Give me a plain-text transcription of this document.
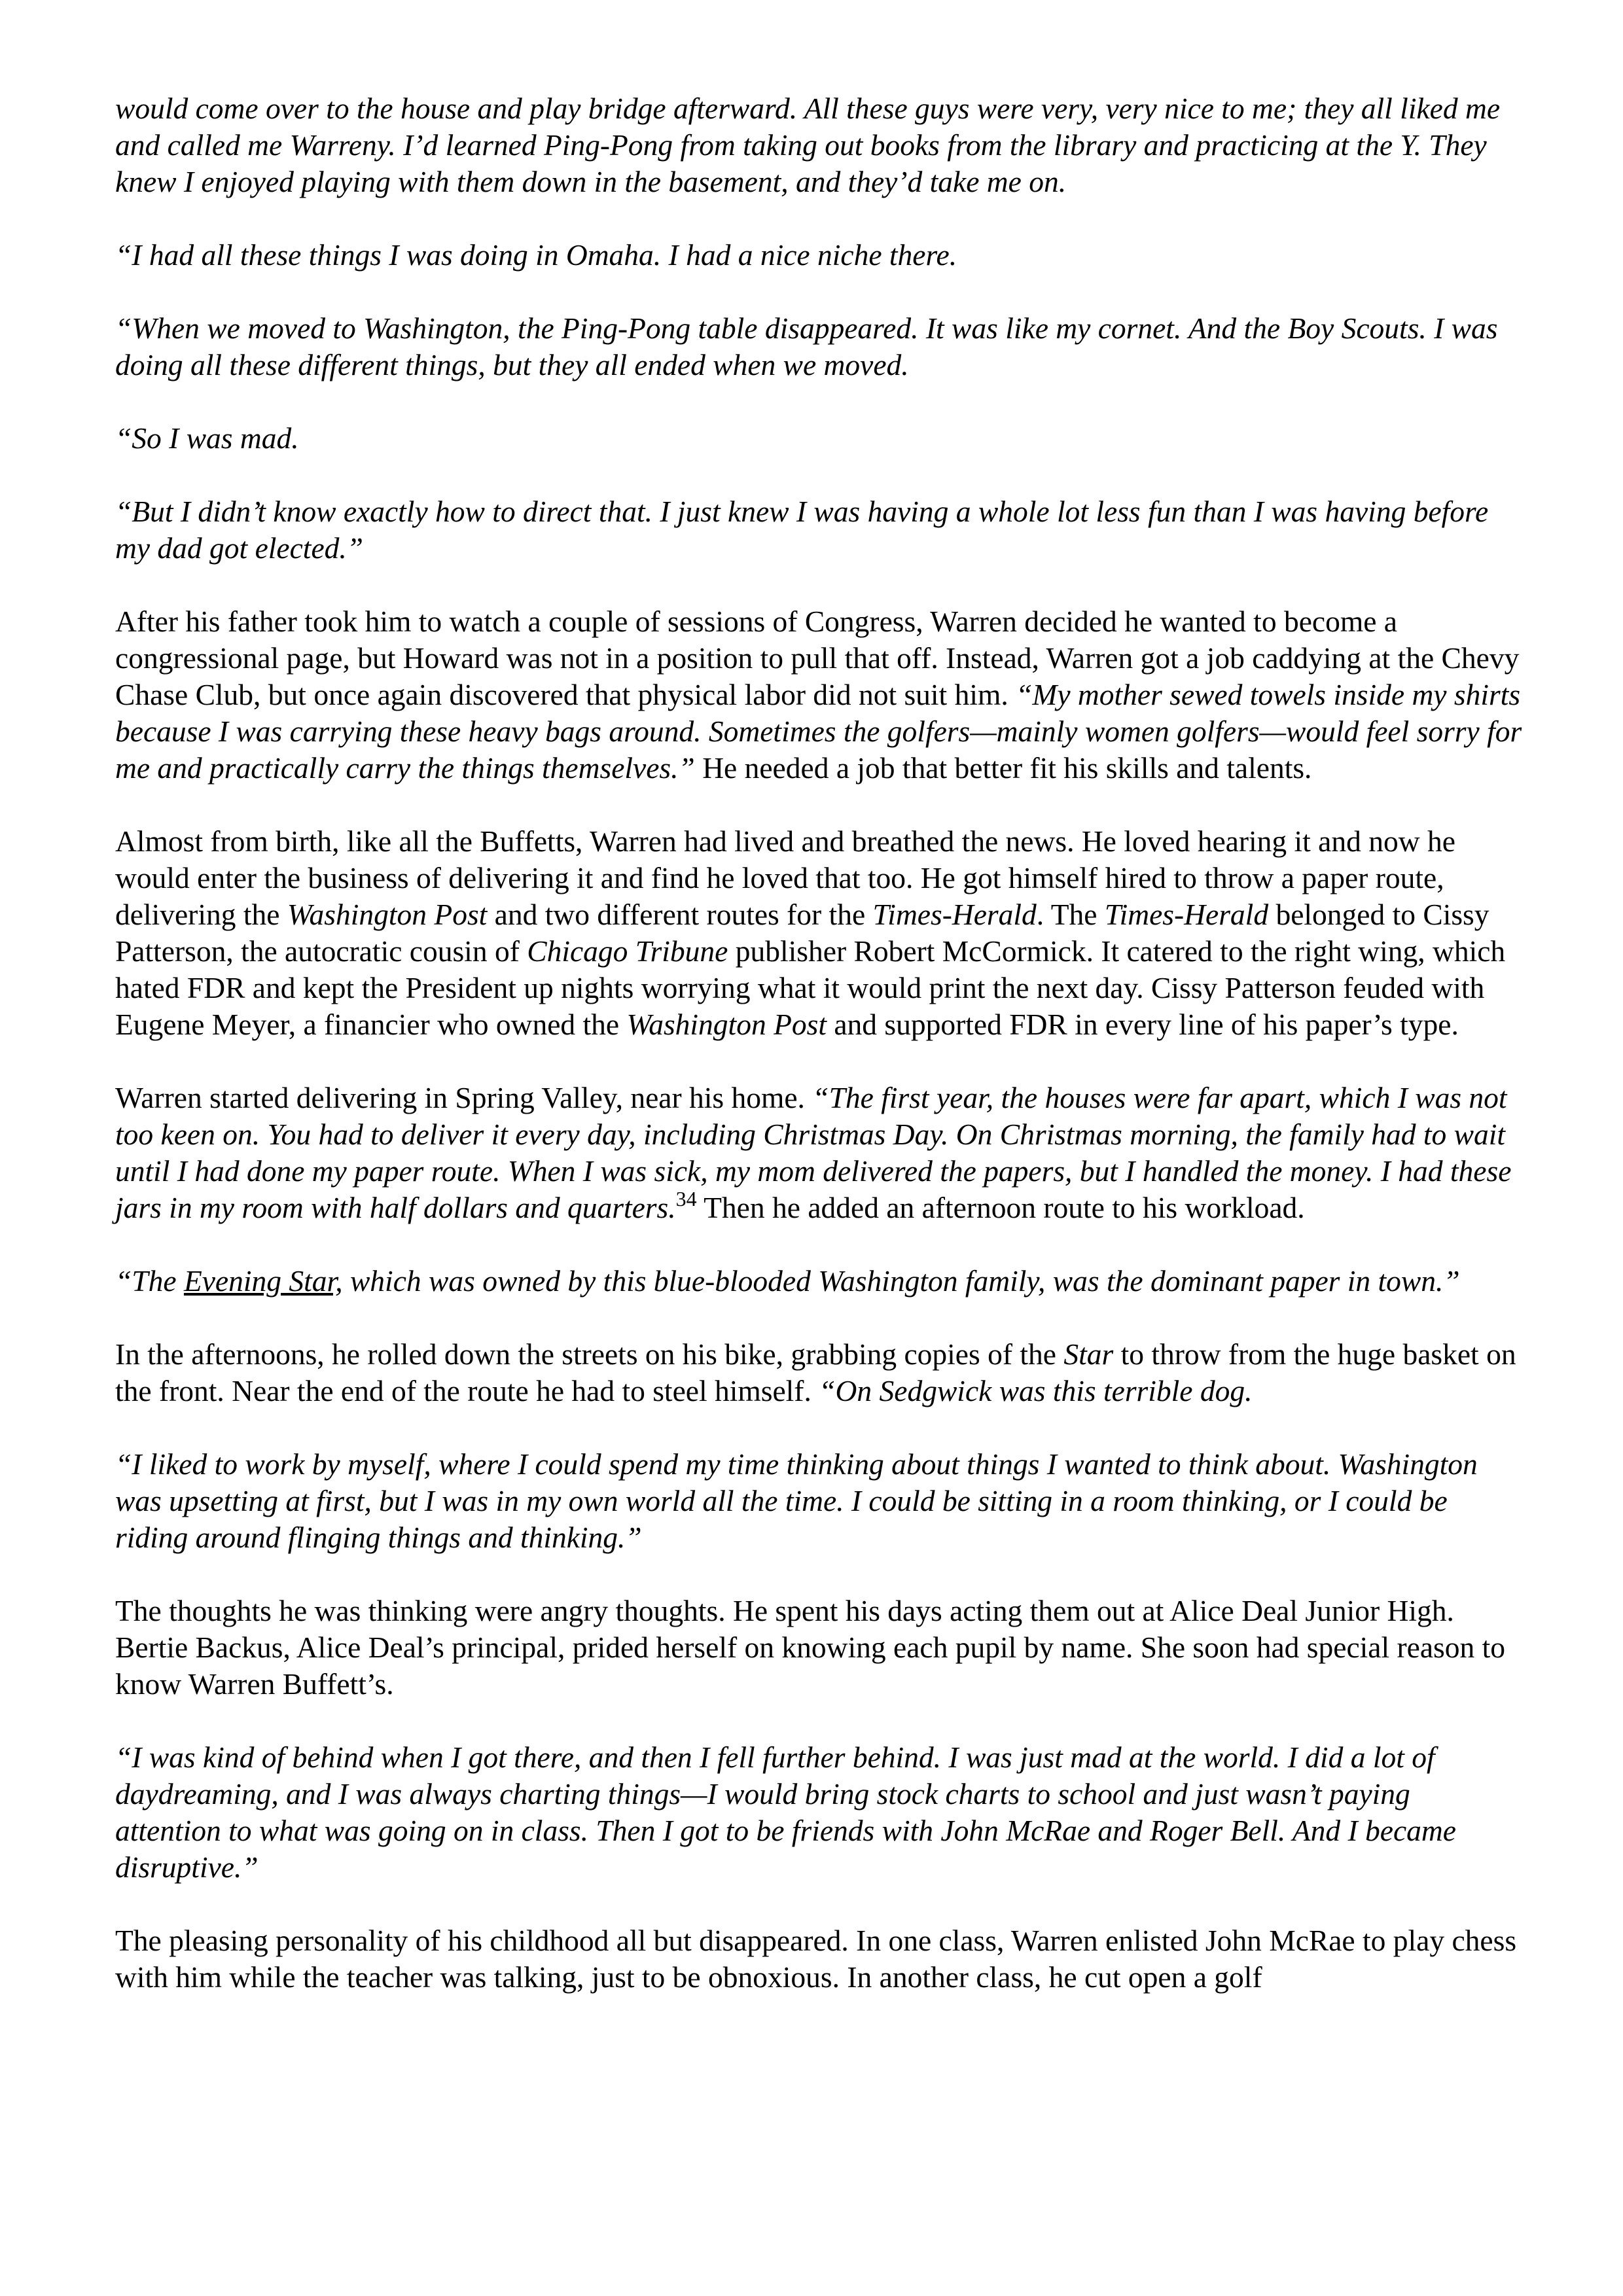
would come over to the house and play bridge afterward. All these guys were very, very nice to me; they all liked me and called me Warreny. I’d learned Ping-Pong from taking out books from the library and practicing at the Y. They knew I enjoyed playing with them down in the basement, and they’d take me on.

“I had all these things I was doing in Omaha. I had a nice niche there.

“When we moved to Washington, the Ping-Pong table disappeared. It was like my cornet. And the Boy Scouts. I was doing all these different things, but they all ended when we moved.

“So I was mad.

“But I didn’t know exactly how to direct that. I just knew I was having a whole lot less fun than I was having before my dad got elected.”

After his father took him to watch a couple of sessions of Congress, Warren decided he wanted to become a congressional page, but Howard was not in a position to pull that off. Instead, Warren got a job caddying at the Chevy Chase Club, but once again discovered that physical labor did not suit him. “My mother sewed towels inside my shirts because I was carrying these heavy bags around. Sometimes the golfers—mainly women golfers—would feel sorry for me and practically carry the things themselves.” He needed a job that better fit his skills and talents.

Almost from birth, like all the Buffetts, Warren had lived and breathed the news. He loved hearing it and now he would enter the business of delivering it and find he loved that too. He got himself hired to throw a paper route, delivering the Washington Post and two different routes for the Times-Herald. The Times-Herald belonged to Cissy Patterson, the autocratic cousin of Chicago Tribune publisher Robert McCormick. It catered to the right wing, which hated FDR and kept the President up nights worrying what it would print the next day. Cissy Patterson feuded with Eugene Meyer, a financier who owned the Washington Post and supported FDR in every line of his paper’s type.

Warren started delivering in Spring Valley, near his home. “The first year, the houses were far apart, which I was not too keen on. You had to deliver it every day, including Christmas Day. On Christmas morning, the family had to wait until I had done my paper route. When I was sick, my mom delivered the papers, but I handled the money. I had these jars in my room with half dollars and quarters.$^{34}$ Then he added an afternoon route to his workload.

“The Evening Star, which was owned by this blue-blooded Washington family, was the dominant paper in town.”

In the afternoons, he rolled down the streets on his bike, grabbing copies of the Star to throw from the huge basket on the front. Near the end of the route he had to steel himself. “On Sedgwick was this terrible dog.

“I liked to work by myself, where I could spend my time thinking about things I wanted to think about. Washington was upsetting at first, but I was in my own world all the time. I could be sitting in a room thinking, or I could be riding around flinging things and thinking.”

The thoughts he was thinking were angry thoughts. He spent his days acting them out at Alice Deal Junior High. Bertie Backus, Alice Deal’s principal, prided herself on knowing each pupil by name. She soon had special reason to know Warren Buffett’s.

“I was kind of behind when I got there, and then I fell further behind. I was just mad at the world. I did a lot of daydreaming, and I was always charting things—I would bring stock charts to school and just wasn’t paying attention to what was going on in class. Then I got to be friends with John McRae and Roger Bell. And I became disruptive.”

The pleasing personality of his childhood all but disappeared. In one class, Warren enlisted John McRae to play chess with him while the teacher was talking, just to be obnoxious. In another class, he cut open a golf
